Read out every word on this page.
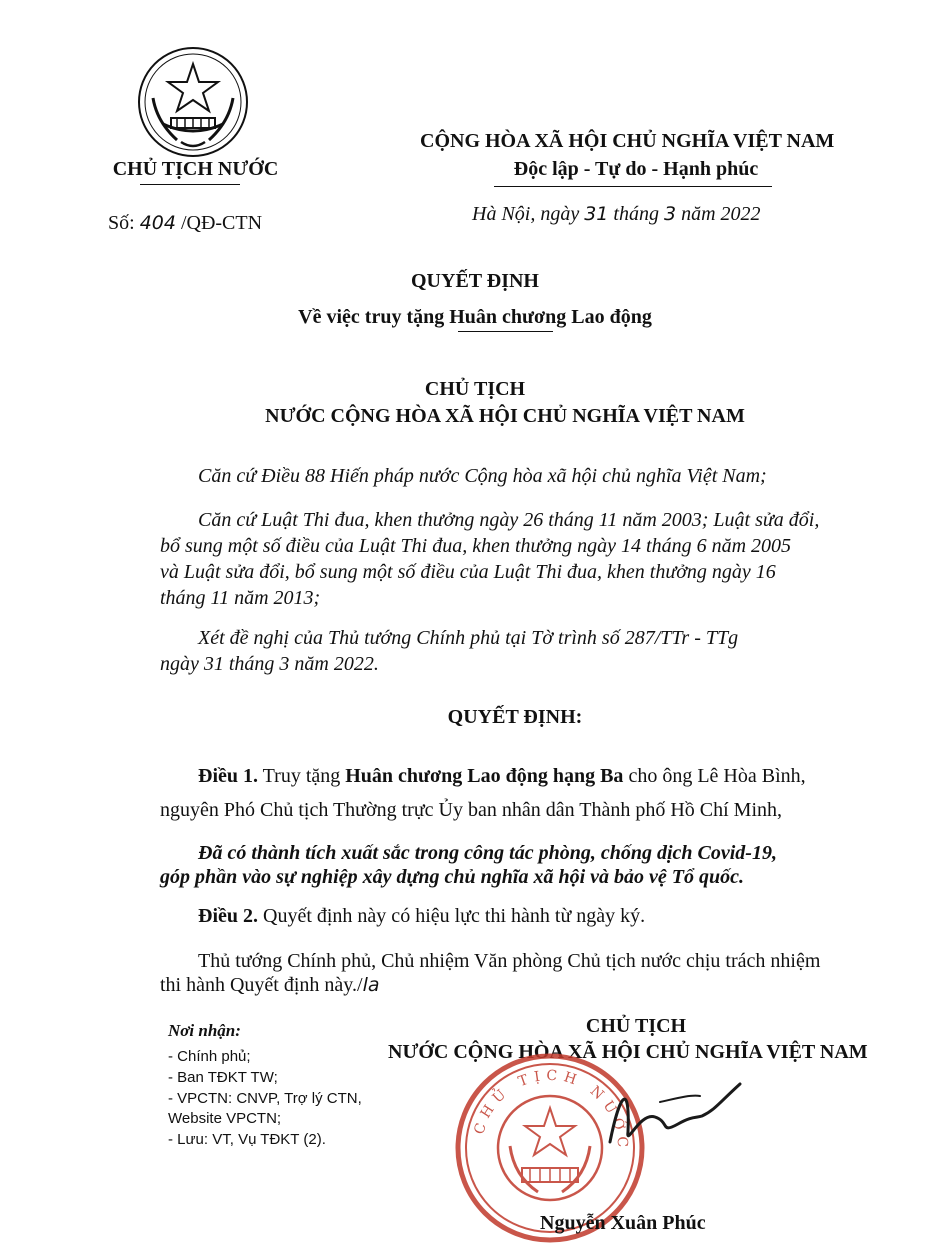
CHỦ TỊCH NƯỚC
Số: 404 /QĐ-CTN
CỘNG HÒA XÃ HỘI CHỦ NGHĨA VIỆT NAM
Độc lập - Tự do - Hạnh phúc
Hà Nội, ngày 31 tháng 3 năm 2022
QUYẾT ĐỊNH
Về việc truy tặng Huân chương Lao động
CHỦ TỊCH
NƯỚC CỘNG HÒA XÃ HỘI CHỦ NGHĨA VIỆT NAM
Căn cứ Điều 88 Hiến pháp nước Cộng hòa xã hội chủ nghĩa Việt Nam;
Căn cứ Luật Thi đua, khen thưởng ngày 26 tháng 11 năm 2003; Luật sửa đổi,
bổ sung một số điều của Luật Thi đua, khen thưởng ngày 14 tháng 6 năm 2005
và Luật sửa đổi, bổ sung một số điều của Luật Thi đua, khen thưởng ngày 16
tháng 11 năm 2013;
Xét đề nghị của Thủ tướng Chính phủ tại Tờ trình số 287/TTr - TTg
ngày 31 tháng 3 năm 2022.
QUYẾT ĐỊNH:
Điều 1. Truy tặng Huân chương Lao động hạng Ba cho ông Lê Hòa Bình,
nguyên Phó Chủ tịch Thường trực Ủy ban nhân dân Thành phố Hồ Chí Minh,
Đã có thành tích xuất sắc trong công tác phòng, chống dịch Covid-19,
góp phần vào sự nghiệp xây dựng chủ nghĩa xã hội và bảo vệ Tổ quốc.
Điều 2. Quyết định này có hiệu lực thi hành từ ngày ký.
Thủ tướng Chính phủ, Chủ nhiệm Văn phòng Chủ tịch nước chịu trách nhiệm
thi hành Quyết định này./la
Nơi nhận:
- Chính phủ;
- Ban TĐKT TW;
- VPCTN: CNVP, Trợ lý CTN,
Website VPCTN;
- Lưu: VT, Vụ TĐKT (2).
CHỦ TỊCH
NƯỚC CỘNG HÒA XÃ HỘI CHỦ NGHĨA VIỆT NAM
CHỦ TỊCH NƯỚC
Nguyễn Xuân Phúc
